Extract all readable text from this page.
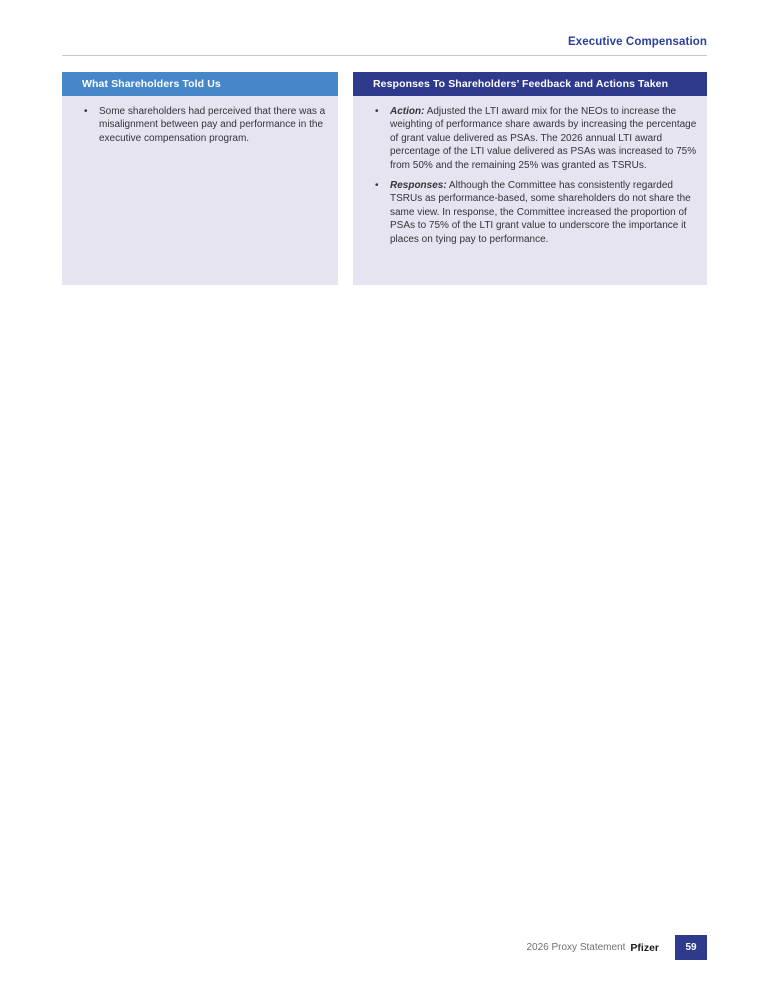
Executive Compensation
What Shareholders Told Us
• Some shareholders had perceived that there was a misalignment between pay and performance in the executive compensation program.
Responses To Shareholders’ Feedback and Actions Taken
• Action: Adjusted the LTI award mix for the NEOs to increase the weighting of performance share awards by increasing the percentage of grant value delivered as PSAs. The 2026 annual LTI award percentage of the LTI value delivered as PSAs was increased to 75% from 50% and the remaining 25% was granted as TSRUs.
• Responses: Although the Committee has consistently regarded TSRUs as performance-based, some shareholders do not share the same view. In response, the Committee increased the proportion of PSAs to 75% of the LTI grant value to underscore the importance it places on tying pay to performance.
2026 Proxy Statement Pfizer	59
